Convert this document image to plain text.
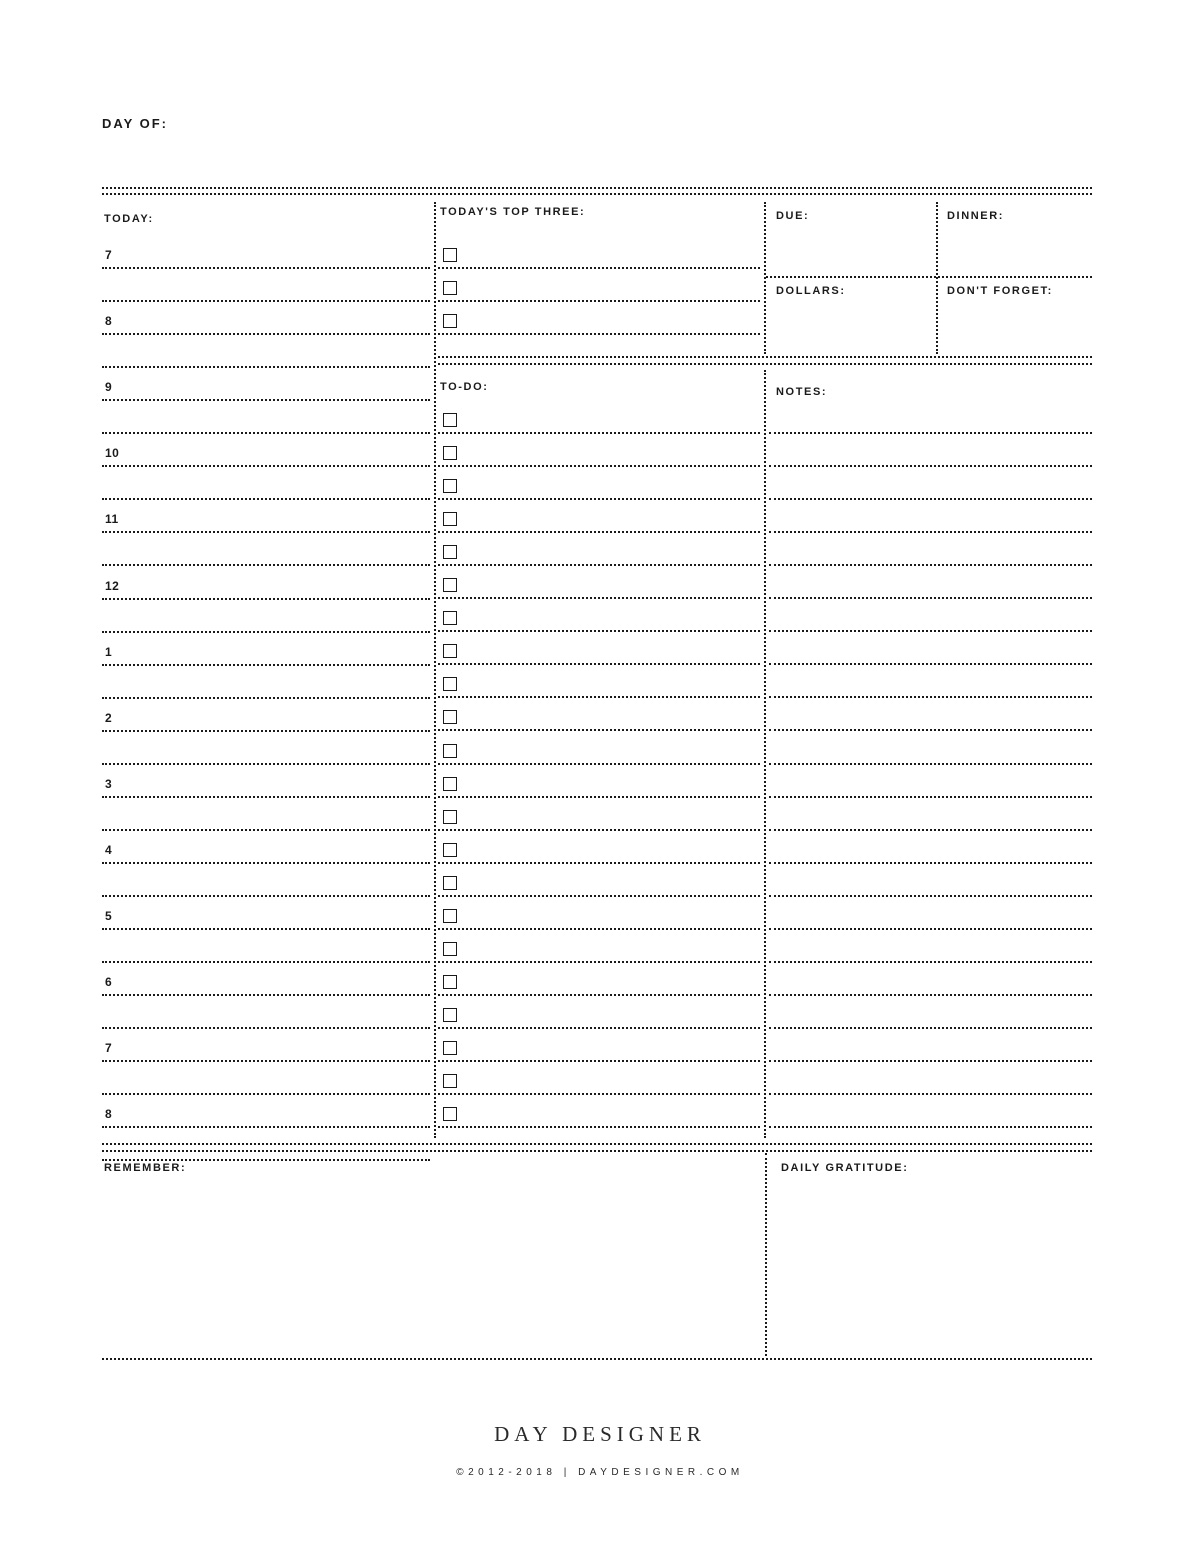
DAY OF:
TODAY:
TODAY'S TOP THREE:	DUE:	DINNER:
DOLLARS:	DON'T FORGET:
TO-DO:	NOTES:
7
8
9
10
11
12
1
2
3
4
5
6
7
8
REMEMBER:	DAILY GRATITUDE:
DAY DESIGNER
©2012-2018 | DAYDESIGNER.COM
